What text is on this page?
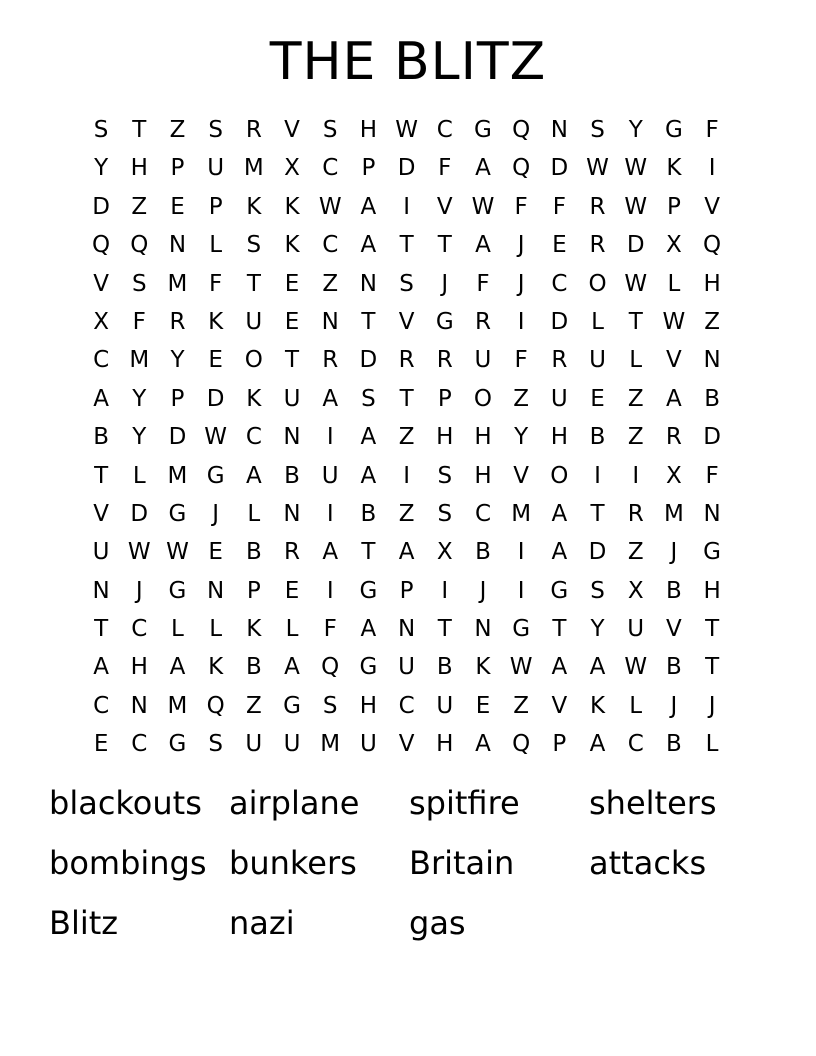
THE BLITZ
S	T	Z	S R V	S H W C G Q N S	Y G F
Y H P U M X C	P D F	A Q D W W K	I
D Z	E	P	K	K W A	I	V W F	F	R W P	V
Q Q N	L	S	K C A	T	T	A	J	E R D X Q
V	S M F	T	E	Z N S	J	F	J	C O W L	H
X	F	R K U E N T	V G R	I	D L	T W Z
C M Y	E O T	R D R R U	F	R U	L	V N
A	Y	P D K U A	S	T	P O Z U E	Z A B
B	Y D W C N	I	A Z H H Y H B Z R D
T	L M G A B U A	I	S H V O	I	I	X	F
V D G	J	L	N	I	B Z	S C M A	T	R M N
U W W E	B R A	T	A X B	I	A D Z	J	G
N	J	G N P	E	I	G P	I	J	I	G S	X B H
T	C	L	L	K	L	F	A N T N G T	Y U V	T
A H A K B A Q G U B K W A A W B	T
C N M Q Z G S H C U E	Z V K	L	J	J
E C G S U U M U V H A Q P	A C B	L
blackouts airplane	spitfire	shelters
bombings bunkers	Britain	attacks
Blitz	nazi	gas
